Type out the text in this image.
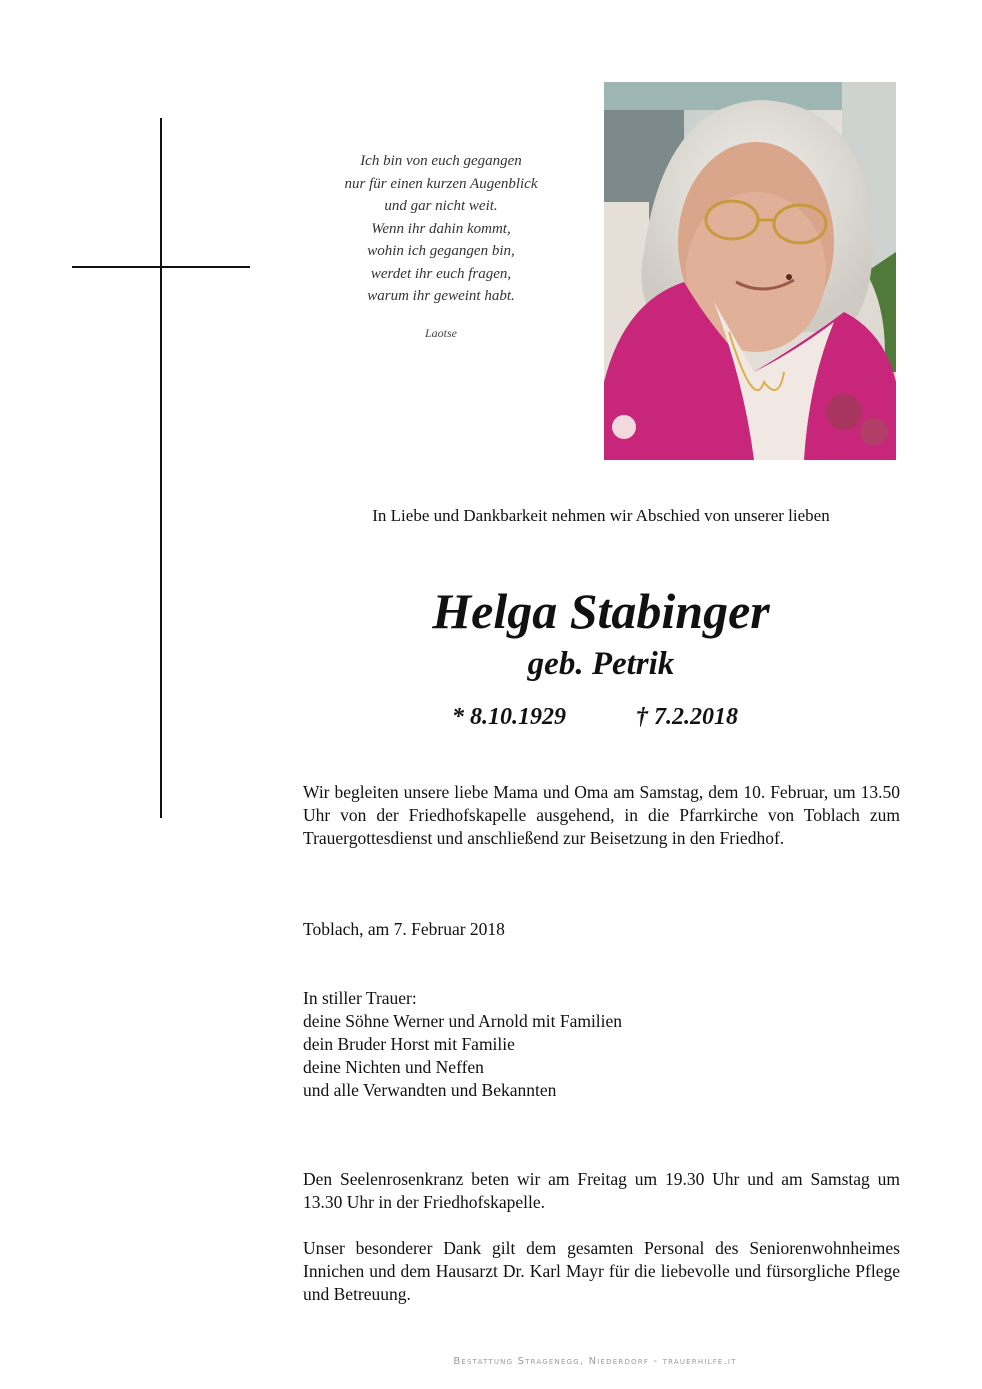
Ich bin von euch gegangen
nur für einen kurzen Augenblick
und gar nicht weit.
Wenn ihr dahin kommt,
wohin ich gegangen bin,
werdet ihr euch fragen,
warum ihr geweint habt.
Laotse
In Liebe und Dankbarkeit nehmen wir Abschied von unserer lieben
Helga Stabinger
geb. Petrik
* 8.10.1929	† 7.2.2018
Wir begleiten unsere liebe Mama und Oma am Samstag, dem 10. Februar, um 13.50 Uhr von der Friedhofskapelle ausgehend, in die Pfarrkirche von Toblach zum Trauergottesdienst und anschließend zur Beisetzung in den Friedhof.
Toblach, am 7. Februar 2018
In stiller Trauer:
deine Söhne Werner und Arnold mit Familien
dein Bruder Horst mit Familie
deine Nichten und Neffen
und alle Verwandten und Bekannten
Den Seelenrosenkranz beten wir am Freitag um 19.30 Uhr und am Samstag um 13.30 Uhr in der Friedhofskapelle.
Unser besonderer Dank gilt dem gesamten Personal des Seniorenwohnheimes Innichen und dem Hausarzt Dr. Karl Mayr für die liebevolle und fürsorgliche Pflege und Betreuung.
Bestattung Stragenegg, Niederdorf - trauerhilfe.it
